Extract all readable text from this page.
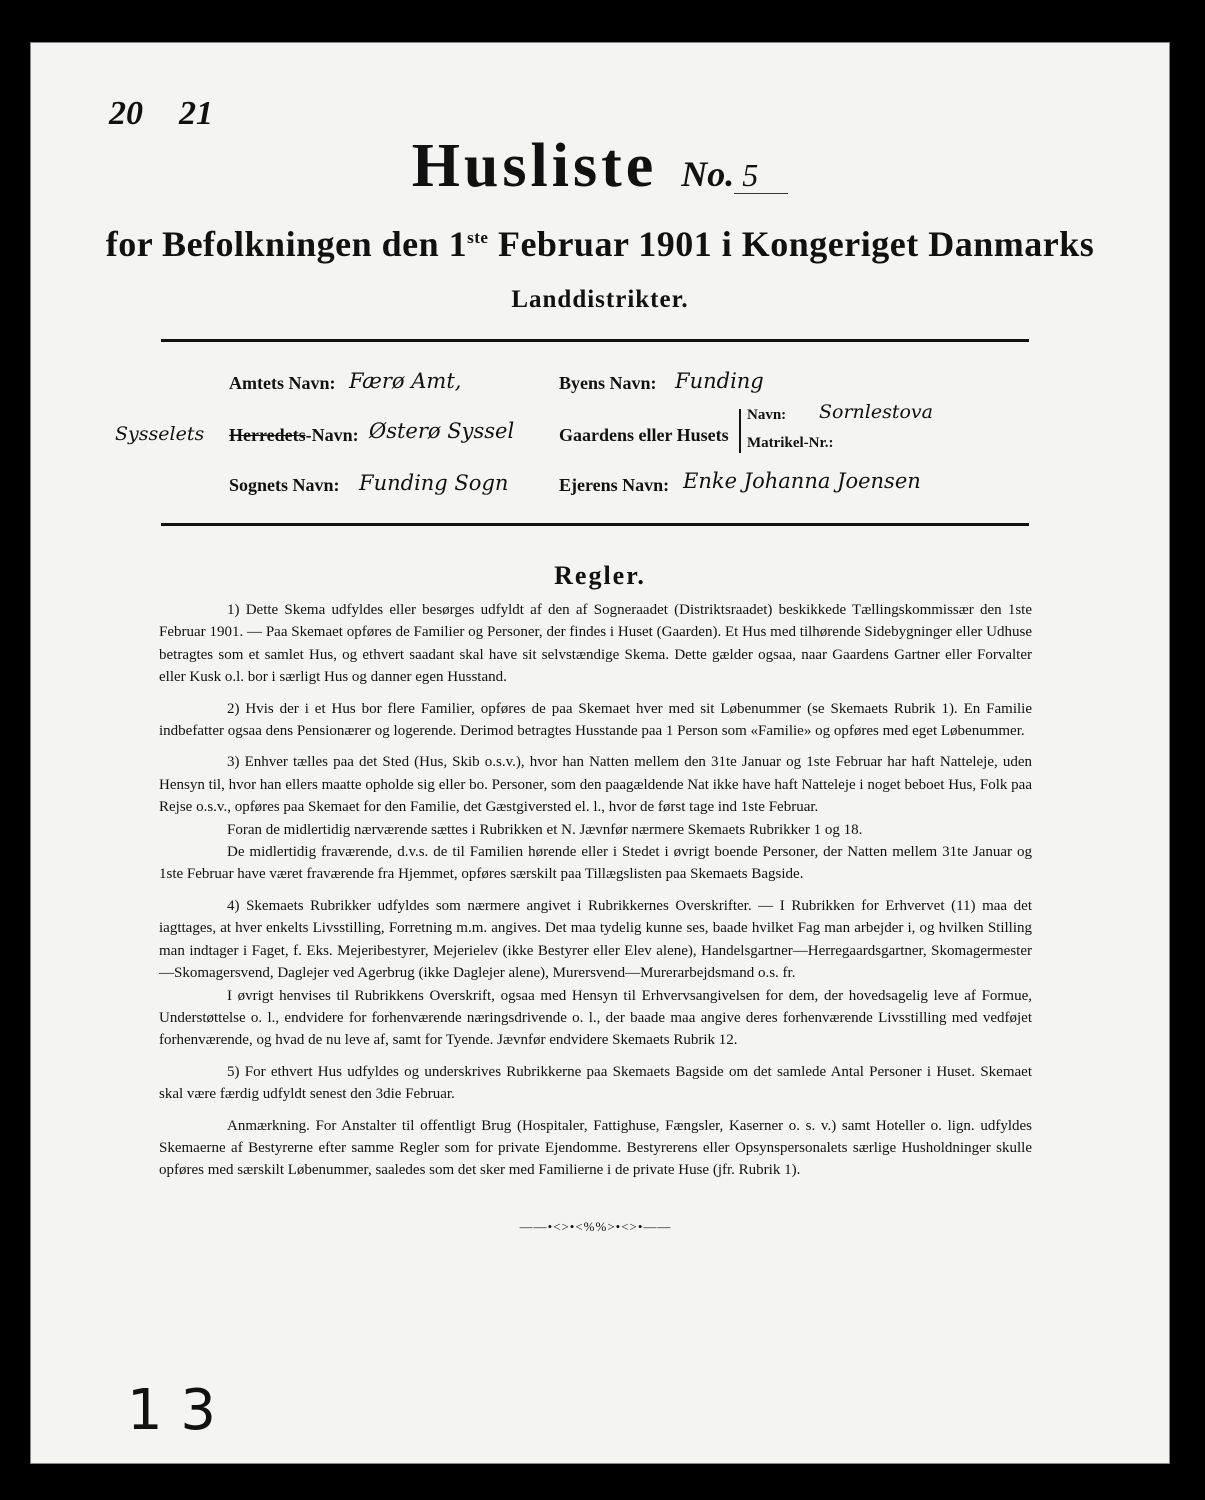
20 21
Husliste No. 5
for Befolkningen den 1ste Februar 1901 i Kongeriget Danmarks
Landdistrikter.
Amtets Navn: Færø Amt,
Sysselets Herredets-Navn: Østerø Syssel
Sognets Navn: Funding Sogn
Byens Navn: Funding
Gaardens eller Husets
Navn: Sornlestova
Matrikel-Nr.:
Ejerens Navn: Enke Johanna Joensen
Regler.

1) Dette Skema udfyldes eller besørges udfyldt af den af Sogneraadet (Distriktsraadet) beskikkede Tællingskommissær den 1ste Februar 1901. — Paa Skemaet opføres de Familier og Personer, der findes i Huset (Gaarden). Et Hus med tilhørende Sidebygninger eller Udhuse betragtes som et samlet Hus, og ethvert saadant skal have sit selvstændige Skema. Dette gælder ogsaa, naar Gaardens Gartner eller Forvalter eller Kusk o.l. bor i særligt Hus og danner egen Husstand.

2) Hvis der i et Hus bor flere Familier, opføres de paa Skemaet hver med sit Løbenummer (se Skemaets Rubrik 1). En Familie indbefatter ogsaa dens Pensionærer og logerende. Derimod betragtes Husstande paa 1 Person som «Familie» og opføres med eget Løbenummer.

3) Enhver tælles paa det Sted (Hus, Skib o.s.v.), hvor han Natten mellem den 31te Januar og 1ste Februar har haft Natteleje, uden Hensyn til, hvor han ellers maatte opholde sig eller bo. Personer, som den paagældende Nat ikke have haft Natteleje i noget beboet Hus, Folk paa Rejse o.s.v., opføres paa Skemaet for den Familie, det Gæstgiversted el. l., hvor de først tage ind 1ste Februar.

Foran de midlertidig nærværende sættes i Rubrikken et N. Jævnfør nærmere Skemaets Rubrikker 1 og 18.

De midlertidig fraværende, d.v.s. de til Familien hørende eller i Stedet i øvrigt boende Personer, der Natten mellem 31te Januar og 1ste Februar have været fraværende fra Hjemmet, opføres særskilt paa Tillægslisten paa Skemaets Bagside.

4) Skemaets Rubrikker udfyldes som nærmere angivet i Rubrikkernes Overskrifter. — I Rubrikken for Erhvervet (11) maa det iagttages, at hver enkelts Livsstilling, Forretning m.m. angives. Det maa tydelig kunne ses, baade hvilket Fag man arbejder i, og hvilken Stilling man indtager i Faget, f. Eks. Mejeribestyrer, Mejerielev (ikke Bestyrer eller Elev alene), Handelsgartner—Herregaardsgartner, Skomagermester—Skomagersvend, Daglejer ved Agerbrug (ikke Daglejer alene), Murersvend—Murerarbejdsmand o.s. fr.

I øvrigt henvises til Rubrikkens Overskrift, ogsaa med Hensyn til Erhvervsangivelsen for dem, der hovedsagelig leve af Formue, Understøttelse o. l., endvidere for forhenværende næringsdrivende o. l., der baade maa angive deres forhenværende Livsstilling med vedføjet forhenværende, og hvad de nu leve af, samt for Tyende. Jævnfør endvidere Skemaets Rubrik 12.

5) For ethvert Hus udfyldes og underskrives Rubrikkerne paa Skemaets Bagside om det samlede Antal Personer i Huset. Skemaet skal være færdig udfyldt senest den 3die Februar.

Anmærkning. For Anstalter til offentligt Brug (Hospitaler, Fattighuse, Fængsler, Kaserner o. s. v.) samt Hoteller o. lign. udfyldes Skemaerne af Bestyrerne efter samme Regler som for private Ejendomme. Bestyrerens eller Opsynspersonalets særlige Husholdninger skulle opføres med særskilt Løbenummer, saaledes som det sker med Familierne i de private Huse (jfr. Rubrik 1).

——•<>•<%%>•<>•——
1 3
